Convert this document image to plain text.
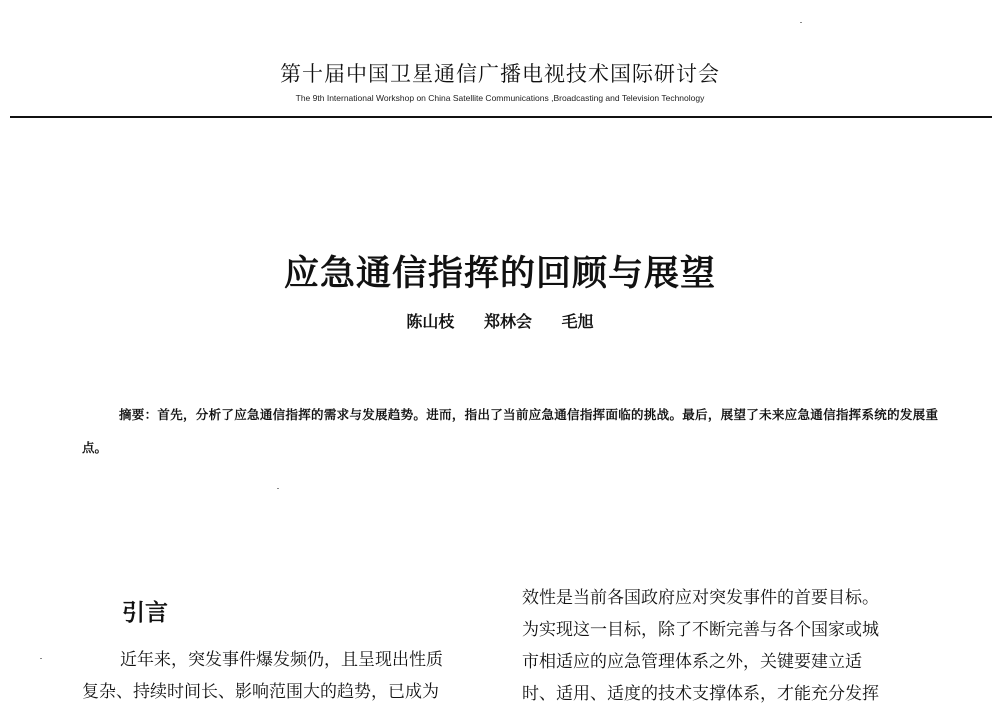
第十届中国卫星通信广播电视技术国际研讨会
The 9th International Workshop on China Satellite Communications ,Broadcasting and Television Technology
应急通信指挥的回顾与展望
陈山枝 郑林会 毛旭
摘要：首先，分析了应急通信指挥的需求与发展趋势。进而，指出了当前应急通信指挥面临的挑战。最后，展望了未来应急通信指挥系统的发展重点。
引言
近年来，突发事件爆发频仍，且呈现出性质
复杂、持续时间长、影响范围大的趋势，已成为
效性是当前各国政府应对突发事件的首要目标。
为实现这一目标，除了不断完善与各个国家或城
市相适应的应急管理体系之外，关键要建立适
时、适用、适度的技术支撑体系，才能充分发挥
